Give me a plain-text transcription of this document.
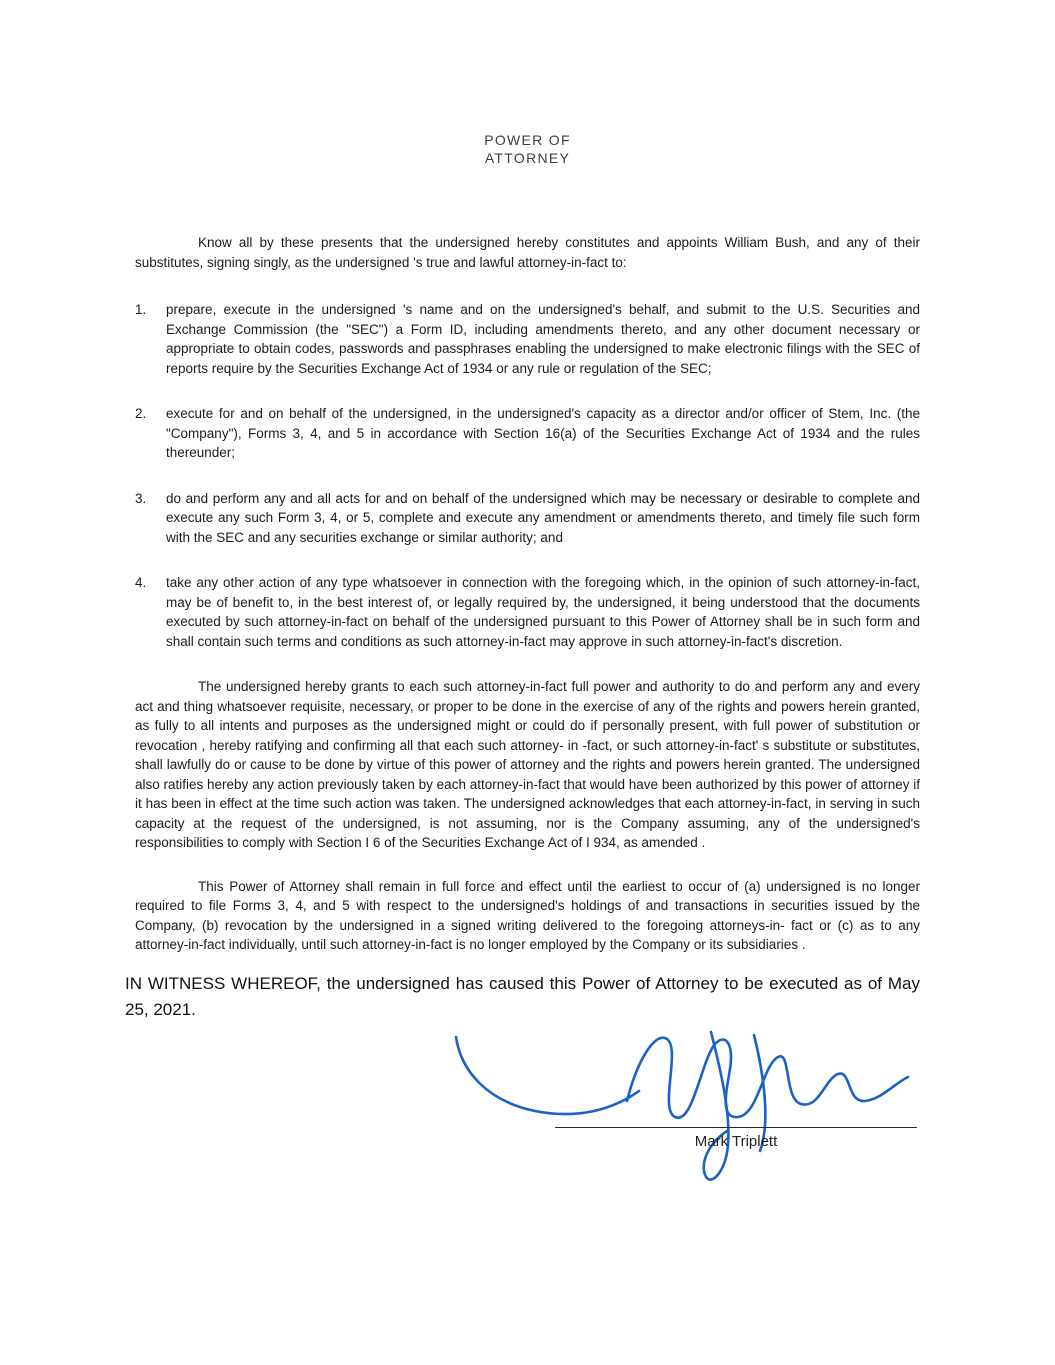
POWER OF
ATTORNEY

Know all by these presents that the undersigned hereby constitutes and appoints William Bush, and any of their substitutes, signing singly, as the undersigned 's true and lawful attorney-in-fact to:

1.	prepare, execute in the undersigned 's name and on the undersigned's behalf, and submit to the U.S. Securities and Exchange Commission (the "SEC") a Form ID, including amendments thereto, and any other document necessary or appropriate to obtain codes, passwords and passphrases enabling the undersigned to make electronic filings with the SEC of reports require by the Securities Exchange Act of 1934 or any rule or regulation of the SEC;
2.	execute for and on behalf of the undersigned, in the undersigned's capacity as a director and/or officer of Stem, Inc. (the "Company"), Forms 3, 4, and 5 in accordance with Section 16(a) of the Securities Exchange Act of 1934 and the rules thereunder;
3.	do and perform any and all acts for and on behalf of the undersigned which may be necessary or desirable to complete and execute any such Form 3, 4, or 5, complete and execute any amendment or amendments thereto, and timely file such form with the SEC and any securities exchange or similar authority; and
4.	take any other action of any type whatsoever in connection with the foregoing which, in the opinion of such attorney-in-fact, may be of benefit to, in the best interest of, or legally required by, the undersigned, it being understood that the documents executed by such attorney-in-fact on behalf of the undersigned pursuant to this Power of Attorney shall be in such form and shall contain such terms and conditions as such attorney-in-fact may approve in such attorney-in-fact's discretion.

The undersigned hereby grants to each such attorney-in-fact full power and authority to do and perform any and every act and thing whatsoever requisite, necessary, or proper to be done in the exercise of any of the rights and powers herein granted, as fully to all intents and purposes as the undersigned might or could do if personally present, with full power of substitution or revocation , hereby ratifying and confirming all that each such attorney- in -fact, or such attorney-in-fact' s substitute or substitutes, shall lawfully do or cause to be done by virtue of this power of attorney and the rights and powers herein granted. The undersigned also ratifies hereby any action previously taken by each attorney-in-fact that would have been authorized by this power of attorney if it has been in effect at the time such action was taken. The undersigned acknowledges that each attorney-in-fact, in serving in such capacity at the request of the undersigned, is not assuming, nor is the Company assuming, any of the undersigned's responsibilities to comply with Section I 6 of the Securities Exchange Act of I 934, as amended .

This Power of Attorney shall remain in full force and effect until the earliest to occur of (a) undersigned is no longer required to file Forms 3, 4, and 5 with respect to the undersigned's holdings of and transactions in securities issued by the Company, (b) revocation by the undersigned in a signed writing delivered to the foregoing attorneys-in- fact or (c) as to any attorney-in-fact individually, until such attorney-in-fact is no longer employed by the Company or its subsidiaries .

IN WITNESS WHEREOF, the undersigned has caused this Power of Attorney to be executed as of May 25, 2021.

Mark Triplett
